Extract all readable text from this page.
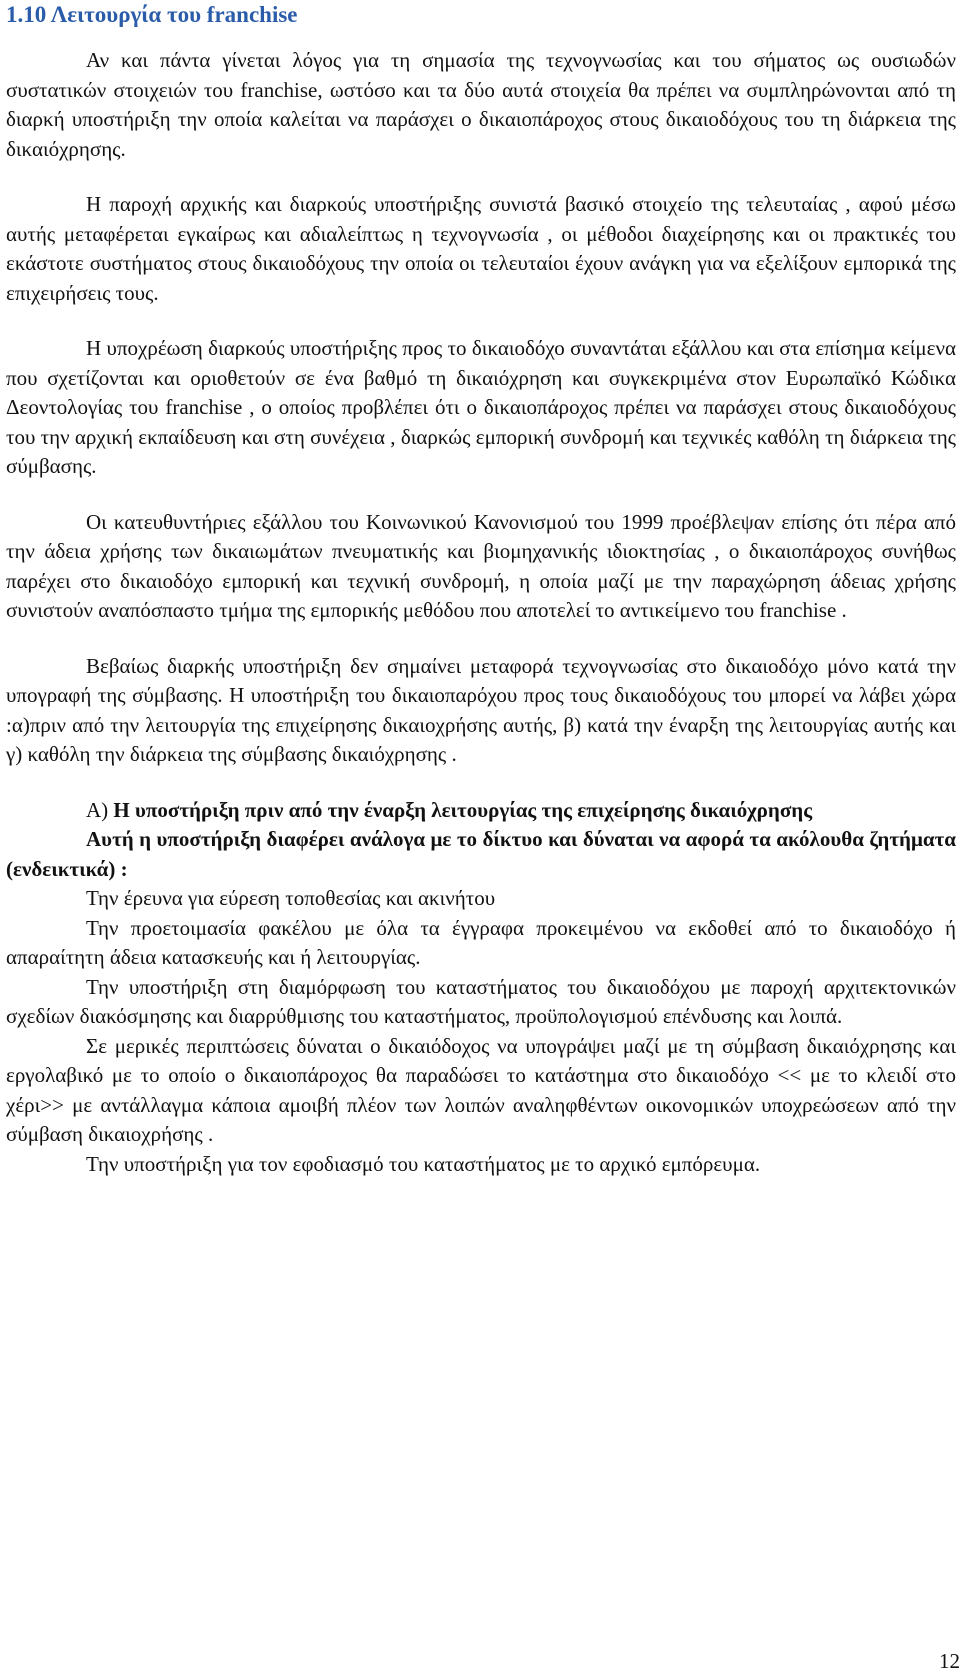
1.10 Λειτουργία του franchise

Αν και πάντα γίνεται λόγος για τη σημασία της τεχνογνωσίας και του σήματος ως ουσιωδών συστατικών στοιχειών του franchise, ωστόσο και τα δύο αυτά στοιχεία θα πρέπει να συμπληρώνονται από τη διαρκή υποστήριξη την οποία καλείται να παράσχει ο δικαιοπάροχος στους δικαιοδόχους του τη διάρκεια της δικαιόχρησης.

Η παροχή αρχικής και διαρκούς υποστήριξης συνιστά βασικό στοιχείο της τελευταίας , αφού μέσω αυτής μεταφέρεται εγκαίρως και αδιαλείπτως η τεχνογνωσία , οι μέθοδοι διαχείρησης και οι πρακτικές του εκάστοτε συστήματος στους δικαιοδόχους την οποία οι τελευταίοι έχουν ανάγκη για να εξελίξουν εμπορικά της επιχειρήσεις τους.

Η υποχρέωση διαρκούς υποστήριξης προς το δικαιοδόχο συναντάται εξάλλου και στα επίσημα κείμενα που σχετίζονται και οριοθετούν σε ένα βαθμό τη δικαιόχρηση και συγκεκριμένα στον Ευρωπαϊκό Κώδικα Δεοντολογίας του franchise , ο οποίος προβλέπει ότι ο δικαιοπάροχος πρέπει να παράσχει στους δικαιοδόχους του την αρχική εκπαίδευση και στη συνέχεια , διαρκώς εμπορική συνδρομή και τεχνικές καθόλη τη διάρκεια της σύμβασης.

Οι κατευθυντήριες εξάλλου του Κοινωνικού Κανονισμού του 1999 προέβλεψαν επίσης ότι πέρα από την άδεια χρήσης των δικαιωμάτων πνευματικής και βιομηχανικής ιδιοκτησίας , ο δικαιοπάροχος συνήθως παρέχει στο δικαιοδόχο εμπορική και τεχνική συνδρομή, η οποία μαζί με την παραχώρηση άδειας χρήσης συνιστούν αναπόσπαστο τμήμα της εμπορικής μεθόδου που αποτελεί το αντικείμενο του franchise .

Βεβαίως διαρκής υποστήριξη δεν σημαίνει μεταφορά τεχνογνωσίας στο δικαιοδόχο μόνο κατά την υπογραφή της σύμβασης. Η υποστήριξη του δικαιοπαρόχου προς τους δικαιοδόχους του μπορεί να λάβει χώρα :α)πριν από την λειτουργία της επιχείρησης δικαιοχρήσης αυτής, β) κατά την έναρξη της λειτουργίας αυτής και γ) καθόλη την διάρκεια της σύμβασης δικαιόχρησης .

Α) Η υποστήριξη πριν από την έναρξη λειτουργίας της επιχείρησης δικαιόχρησης

Αυτή η υποστήριξη διαφέρει ανάλογα με το δίκτυο και δύναται να αφορά τα ακόλουθα ζητήματα (ενδεικτικά) :

Την έρευνα για εύρεση τοποθεσίας και ακινήτου

Την προετοιμασία φακέλου με όλα τα έγγραφα προκειμένου να εκδοθεί από το δικαιοδόχο ή απαραίτητη άδεια κατασκευής και ή λειτουργίας.

Την υποστήριξη στη διαμόρφωση του καταστήματος του δικαιοδόχου με παροχή αρχιτεκτονικών σχεδίων διακόσμησης και διαρρύθμισης του καταστήματος, προϋπολογισμού επένδυσης και λοιπά.

Σε μερικές περιπτώσεις δύναται ο δικαιόδοχος να υπογράψει μαζί με τη σύμβαση δικαιόχρησης και εργολαβικό με το οποίο ο δικαιοπάροχος θα παραδώσει το κατάστημα στο δικαιοδόχο << με το κλειδί στο χέρι>> με αντάλλαγμα κάποια αμοιβή πλέον των λοιπών αναληφθέντων οικονομικών υποχρεώσεων από την σύμβαση δικαιοχρήσης .

Την υποστήριξη για τον εφοδιασμό του καταστήματος με το αρχικό εμπόρευμα.

12
